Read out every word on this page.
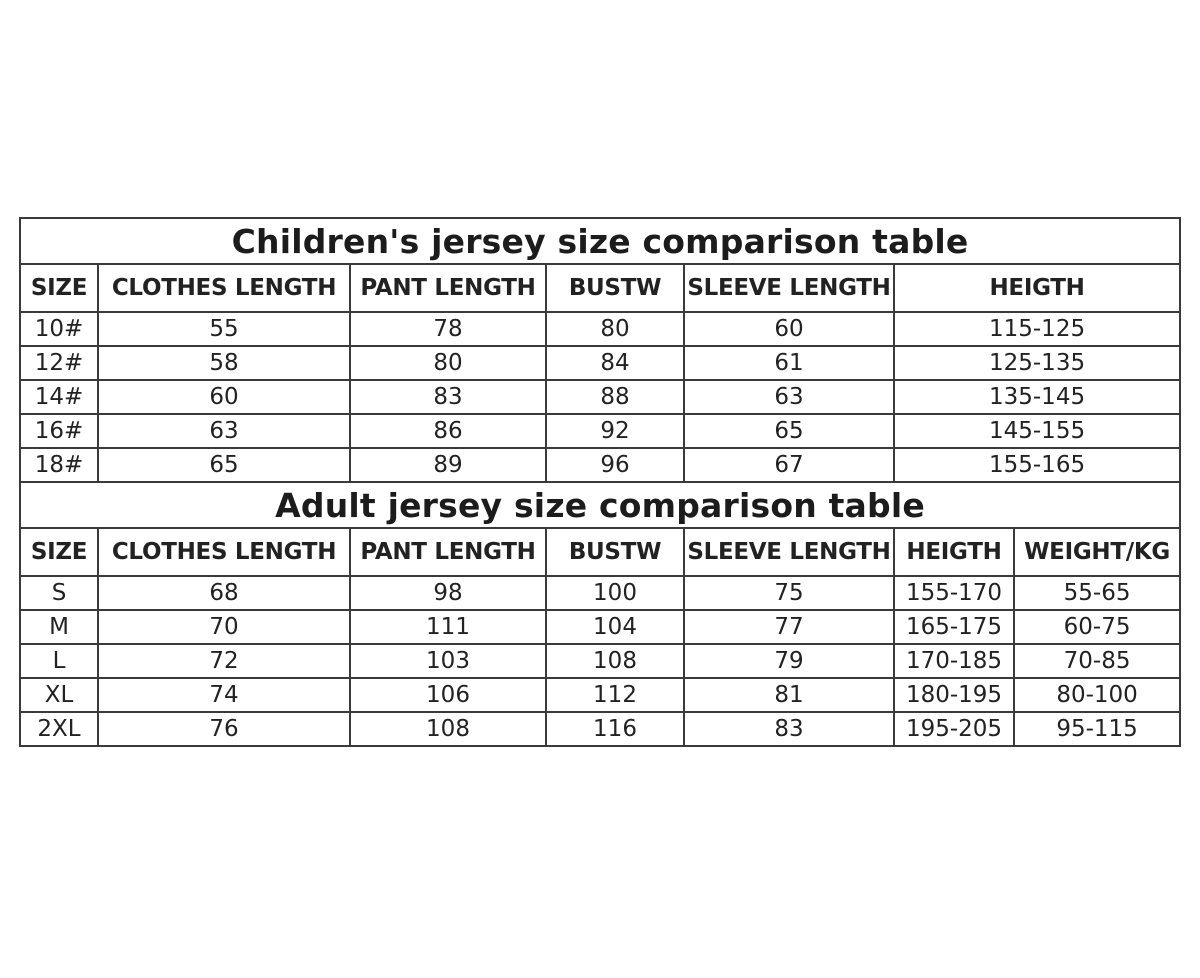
Children's jersey size comparison table						
SIZE	CLOTHES LENGTH	PANT LENGTH	BUSTW	SLEEVE LENGTH	HEIGTH	
10#	55	78	80	60	115-125	
12#	58	80	84	61	125-135	
14#	60	83	88	63	135-145	
16#	63	86	92	65	145-155	
18#	65	89	96	67	155-165	
Adult jersey size comparison table						
SIZE	CLOTHES LENGTH	PANT LENGTH	BUSTW	SLEEVE LENGTH	HEIGTH	WEIGHT/KG
S	68	98	100	75	155-170	55-65
M	70	111	104	77	165-175	60-75
L	72	103	108	79	170-185	70-85
XL	74	106	112	81	180-195	80-100
2XL	76	108	116	83	195-205	95-115
